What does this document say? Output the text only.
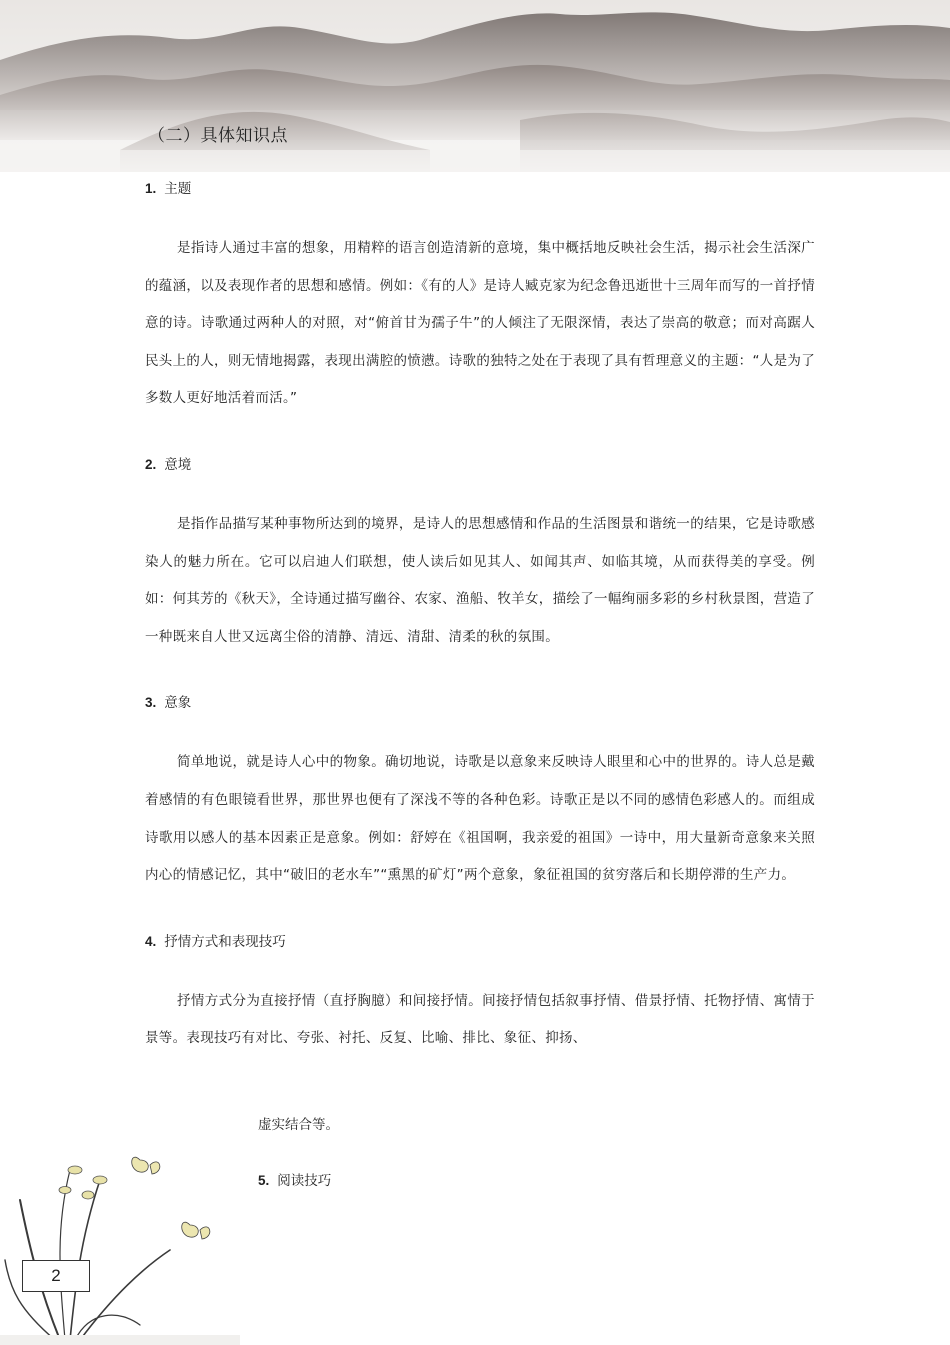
（二）具体知识点
1. 主题

是指诗人通过丰富的想象，用精粹的语言创造清新的意境，集中概括地反映社会生活，揭示社会生活深广的蕴涵，以及表现作者的思想和感情。例如：《有的人》是诗人臧克家为纪念鲁迅逝世十三周年而写的一首抒情意的诗。诗歌通过两种人的对照，对“俯首甘为孺子牛”的人倾注了无限深情，表达了崇高的敬意；而对高踞人民头上的人，则无情地揭露，表现出满腔的愤懑。诗歌的独特之处在于表现了具有哲理意义的主题：“人是为了多数人更好地活着而活。”

2. 意境

是指作品描写某种事物所达到的境界，是诗人的思想感情和作品的生活图景和谐统一的结果，它是诗歌感染人的魅力所在。它可以启迪人们联想，使人读后如见其人、如闻其声、如临其境，从而获得美的享受。例如：何其芳的《秋天》，全诗通过描写幽谷、农家、渔船、牧羊女，描绘了一幅绚丽多彩的乡村秋景图，营造了一种既来自人世又远离尘俗的清静、清远、清甜、清柔的秋的氛围。

3. 意象

简单地说，就是诗人心中的物象。确切地说，诗歌是以意象来反映诗人眼里和心中的世界的。诗人总是戴着感情的有色眼镜看世界，那世界也便有了深浅不等的各种色彩。诗歌正是以不同的感情色彩感人的。而组成诗歌用以感人的基本因素正是意象。例如：舒婷在《祖国啊，我亲爱的祖国》一诗中，用大量新奇意象来关照内心的情感记忆，其中“破旧的老水车”“熏黑的矿灯”两个意象，象征祖国的贫穷落后和长期停滞的生产力。

4. 抒情方式和表现技巧

抒情方式分为直接抒情（直抒胸臆）和间接抒情。间接抒情包括叙事抒情、借景抒情、托物抒情、寓情于景等。表现技巧有对比、夸张、衬托、反复、比喻、排比、象征、抑扬、

虚实结合等。
5. 阅读技巧
2
